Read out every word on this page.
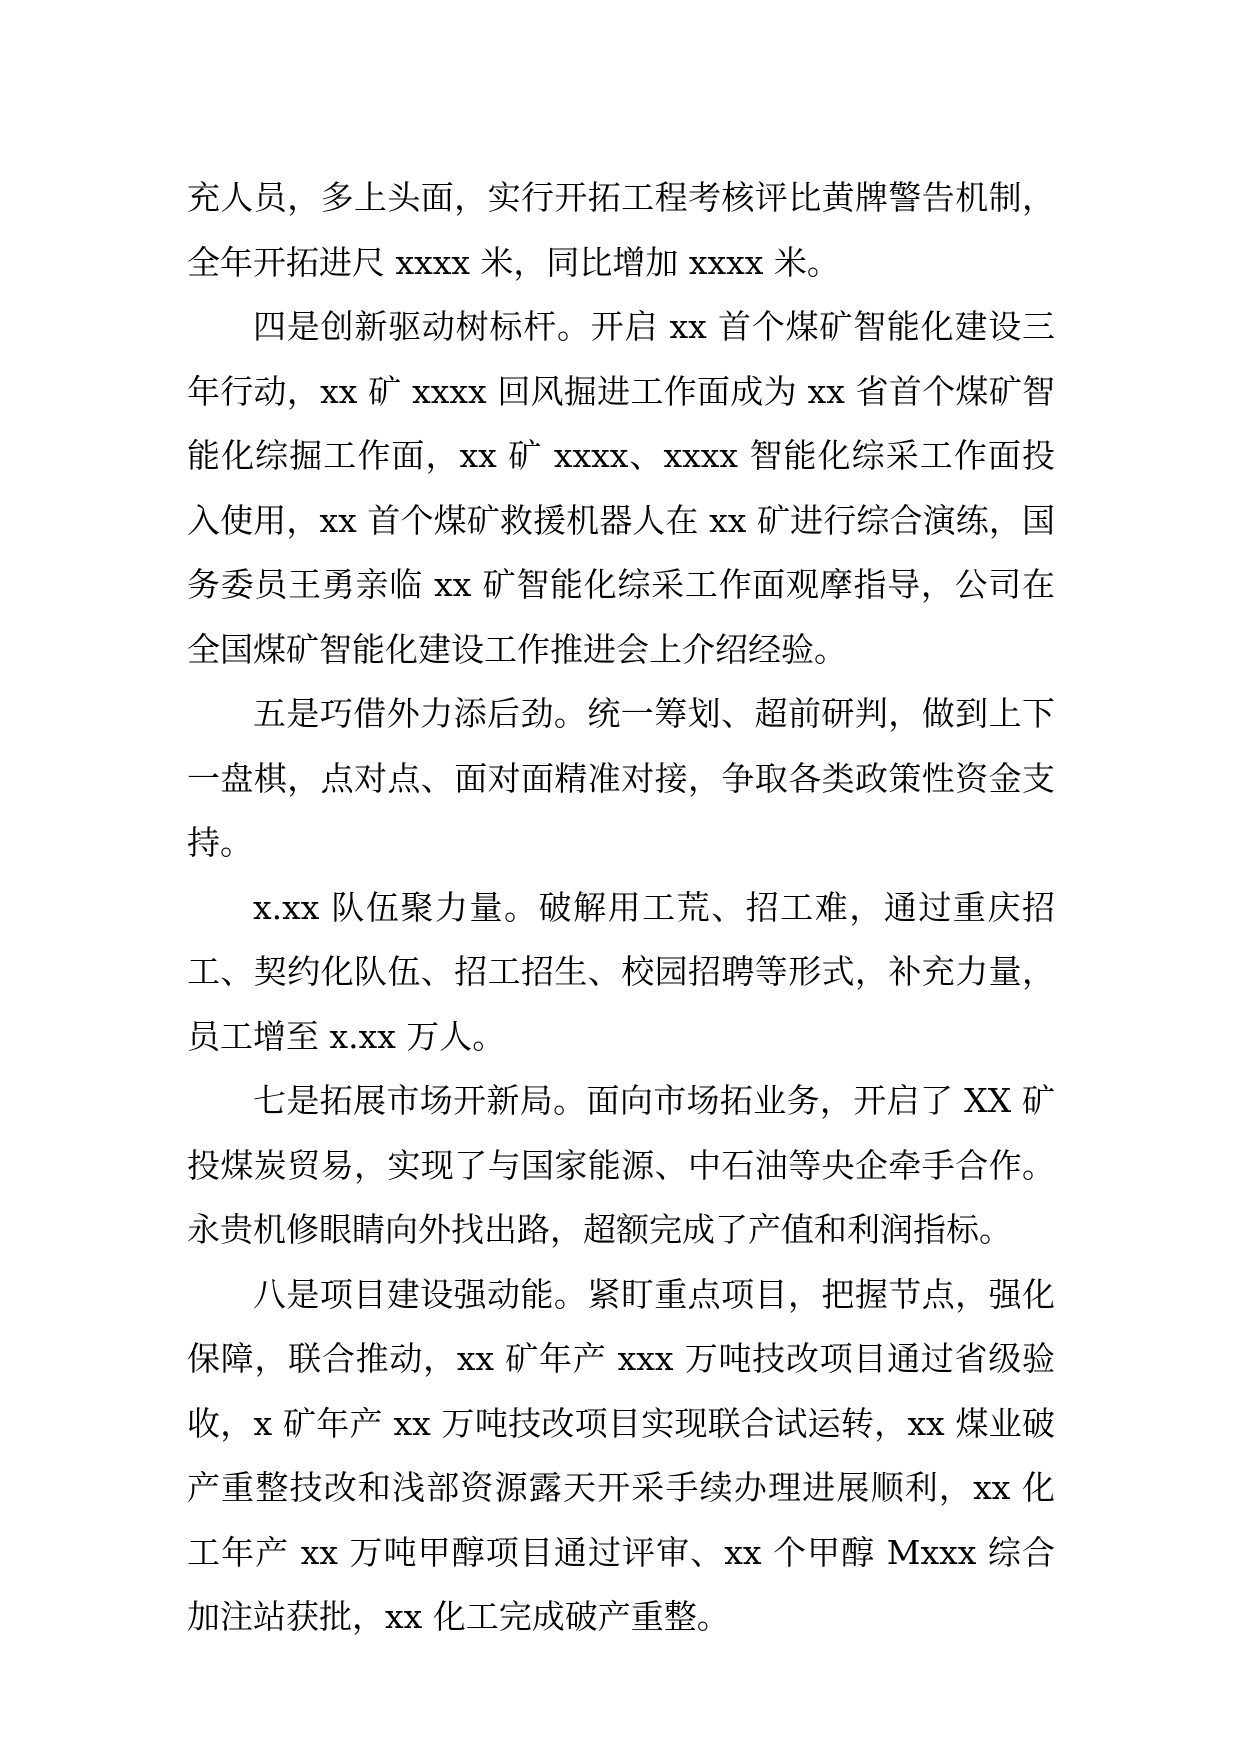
充人员，多上头面，实行开拓工程考核评比黄牌警告机制，全年开拓进尺 xxxx 米，同比增加 xxxx 米。

四是创新驱动树标杆。开启 xx 首个煤矿智能化建设三年行动，xx 矿 xxxx 回风掘进工作面成为 xx 省首个煤矿智能化综掘工作面，xx 矿 xxxx、xxxx 智能化综采工作面投入使用，xx 首个煤矿救援机器人在 xx 矿进行综合演练，国务委员王勇亲临 xx 矿智能化综采工作面观摩指导，公司在全国煤矿智能化建设工作推进会上介绍经验。

五是巧借外力添后劲。统一筹划、超前研判，做到上下一盘棋，点对点、面对面精准对接，争取各类政策性资金支持。

x.xx 队伍聚力量。破解用工荒、招工难，通过重庆招工、契约化队伍、招工招生、校园招聘等形式，补充力量，员工增至 x.xx 万人。

七是拓展市场开新局。面向市场拓业务，开启了 XX 矿投煤炭贸易，实现了与国家能源、中石油等央企牵手合作。永贵机修眼睛向外找出路，超额完成了产值和利润指标。

八是项目建设强动能。紧盯重点项目，把握节点，强化保障，联合推动，xx 矿年产 xxx 万吨技改项目通过省级验收，x 矿年产 xx 万吨技改项目实现联合试运转，xx 煤业破产重整技改和浅部资源露天开采手续办理进展顺利，xx 化工年产 xx 万吨甲醇项目通过评审、xx 个甲醇 Mxxx 综合加注站获批，xx 化工完成破产重整。
